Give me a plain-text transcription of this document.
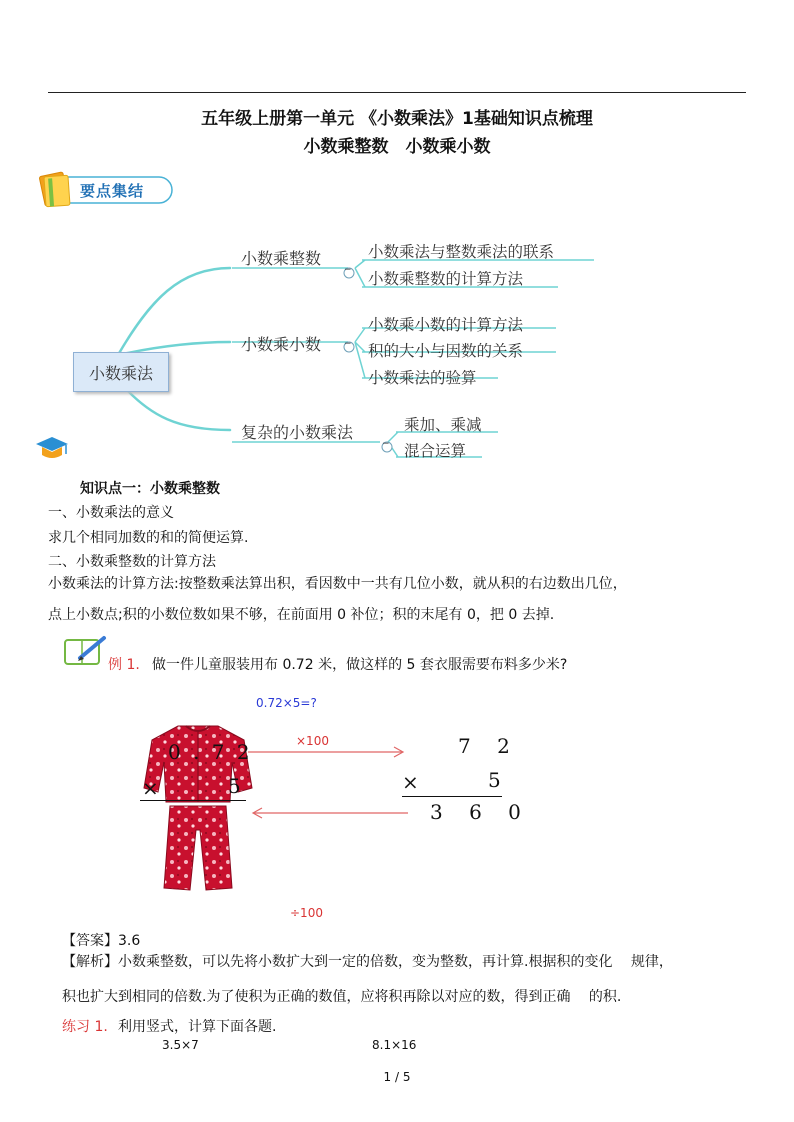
五年级上册第一单元 《小数乘法》1基础知识点梳理
小数乘整数　小数乘小数
要点集结
−
−
−
小数乘法
小数乘整数
小数乘小数
复杂的小数乘法
小数乘法与整数乘法的联系
小数乘整数的计算方法
小数乘小数的计算方法
积的大小与因数的关系
小数乘法的验算
乘加、乘减
混合运算
知识点一：小数乘整数
一、小数乘法的意义
求几个相同加数的和的简便运算.
二、小数乘整数的计算方法
小数乘法的计算方法:按整数乘法算出积，看因数中一共有几位小数，就从积的右边数出几位，
点上小数点;积的小数位数如果不够，在前面用 0 补位；积的末尾有 0，把 0 去掉.
例 1. 做一件儿童服装用布 0.72 米，做这样的 5 套衣服需要布料多少米?
0.72×5=?
0 . 7 2
×	5
×100
÷100
7 2
×	5
3 6 0
【答案】3.6
【解析】小数乘整数，可以先将小数扩大到一定的倍数，变为整数，再计算.根据积的变化　 规律，
积也扩大到相同的倍数.为了使积为正确的数值，应将积再除以对应的数，得到正确　 的积.
练习 1. 利用竖式，计算下面各题.
3.5×7	8.1×16
1 / 5
